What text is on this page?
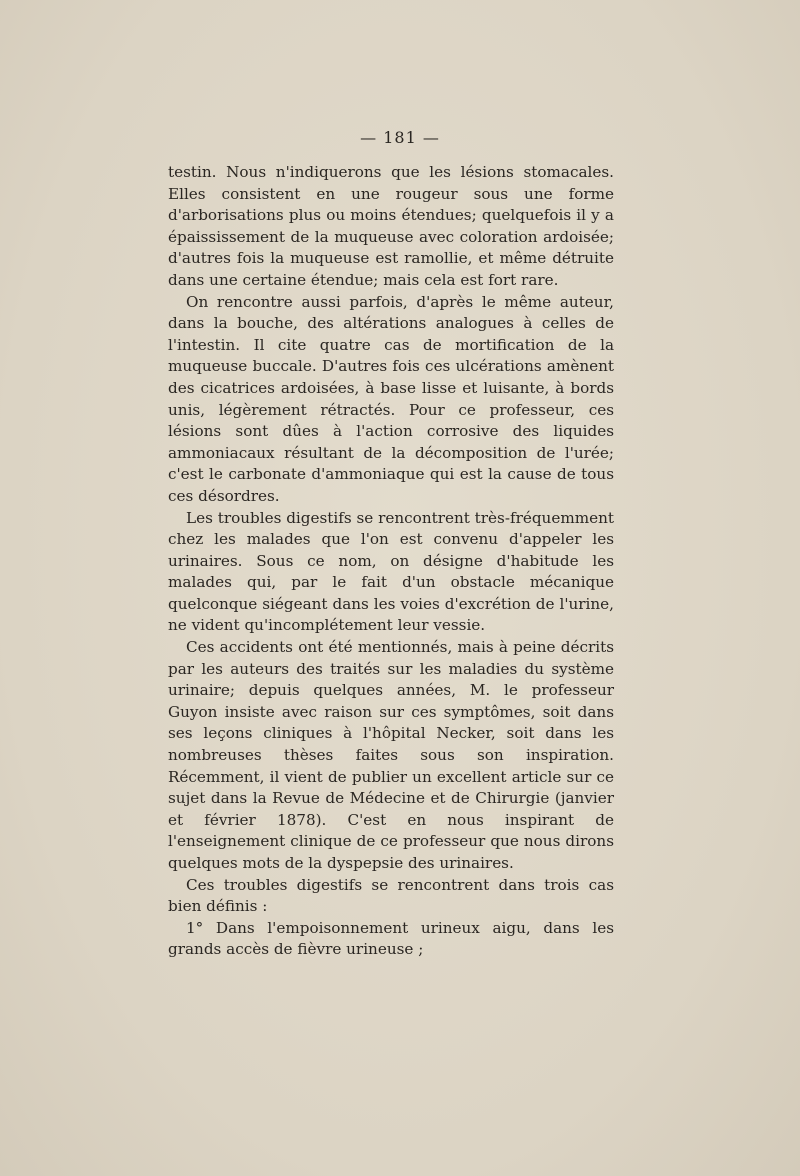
— 181 —

testin. Nous n'indiquerons que les lésions stomacales. Elles consistent en une rougeur sous une forme d'arborisations plus ou moins étendues; quelquefois il y a épaississement de la muqueuse avec coloration ardoisée; d'autres fois la muqueuse est ramollie, et même détruite dans une certaine étendue; mais cela est fort rare.

On rencontre aussi parfois, d'après le même auteur, dans la bouche, des altérations analogues à celles de l'intestin. Il cite quatre cas de mortification de la muqueuse buccale. D'autres fois ces ulcérations amènent des cicatrices ardoisées, à base lisse et luisante, à bords unis, légèrement rétractés. Pour ce professeur, ces lésions sont dûes à l'action corrosive des liquides ammoniacaux résultant de la décomposition de l'urée; c'est le carbonate d'ammoniaque qui est la cause de tous ces désordres.

Les troubles digestifs se rencontrent très-fréquemment chez les malades que l'on est convenu d'appeler les urinaires. Sous ce nom, on désigne d'habitude les malades qui, par le fait d'un obstacle mécanique quelconque siégeant dans les voies d'excrétion de l'urine, ne vident qu'incomplétement leur vessie.

Ces accidents ont été mentionnés, mais à peine décrits par les auteurs des traités sur les maladies du système urinaire; depuis quelques années, M. le professeur Guyon insiste avec raison sur ces symptômes, soit dans ses leçons cliniques à l'hôpital Necker, soit dans les nombreuses thèses faites sous son inspiration. Récemment, il vient de publier un excellent article sur ce sujet dans la Revue de Médecine et de Chirurgie (janvier et février 1878). C'est en nous inspirant de l'enseignement clinique de ce professeur que nous dirons quelques mots de la dyspepsie des urinaires.

Ces troubles digestifs se rencontrent dans trois cas bien définis :

1° Dans l'empoisonnement urineux aigu, dans les grands accès de fièvre urineuse ;
